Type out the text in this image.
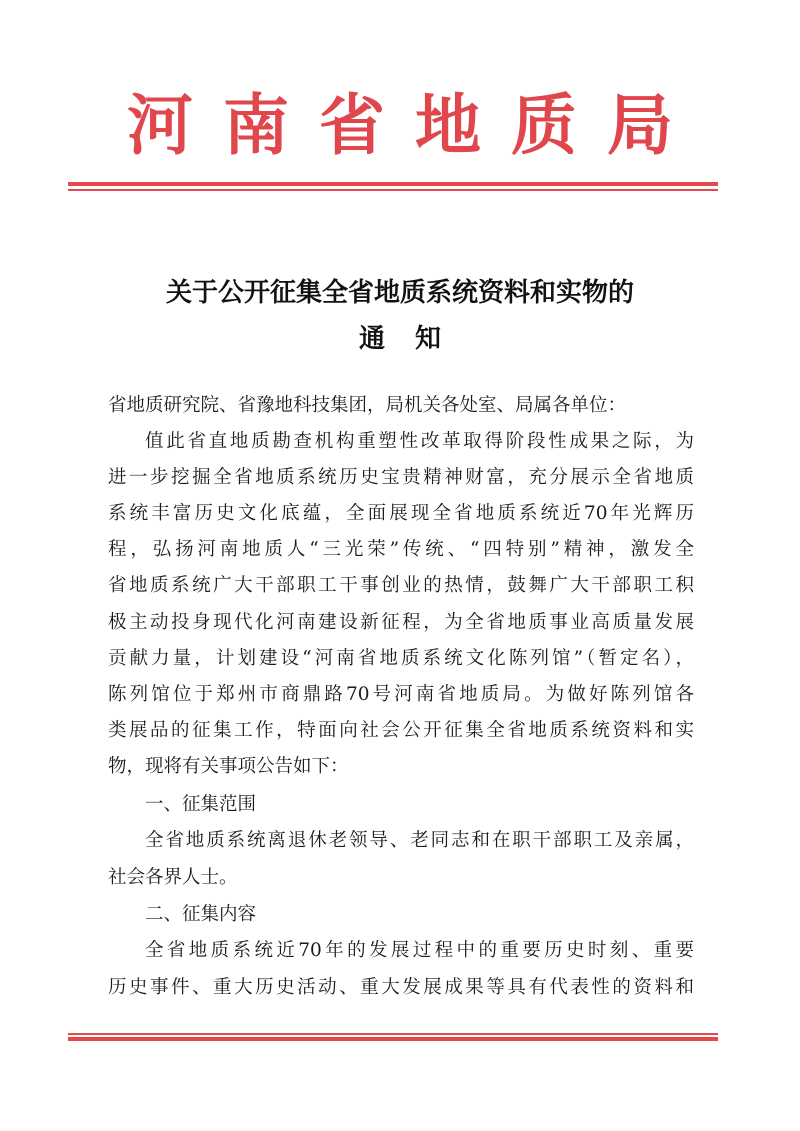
河南省地质局
关于公开征集全省地质系统资料和实物的
通知
省地质研究院、省豫地科技集团，局机关各处室、局属各单位：
值此省直地质勘查机构重塑性改革取得阶段性成果之际，为
进一步挖掘全省地质系统历史宝贵精神财富，充分展示全省地质
系统丰富历史文化底蕴，全面展现全省地质系统近70年光辉历
程，弘扬河南地质人“三光荣”传统、“四特别”精神，激发全
省地质系统广大干部职工干事创业的热情，鼓舞广大干部职工积
极主动投身现代化河南建设新征程，为全省地质事业高质量发展
贡献力量，计划建设“河南省地质系统文化陈列馆”（暂定名），
陈列馆位于郑州市商鼎路70号河南省地质局。为做好陈列馆各
类展品的征集工作，特面向社会公开征集全省地质系统资料和实
物，现将有关事项公告如下：
一、征集范围
全省地质系统离退休老领导、老同志和在职干部职工及亲属，
社会各界人士。
二、征集内容
全省地质系统近70年的发展过程中的重要历史时刻、重要
历史事件、重大历史活动、重大发展成果等具有代表性的资料和
